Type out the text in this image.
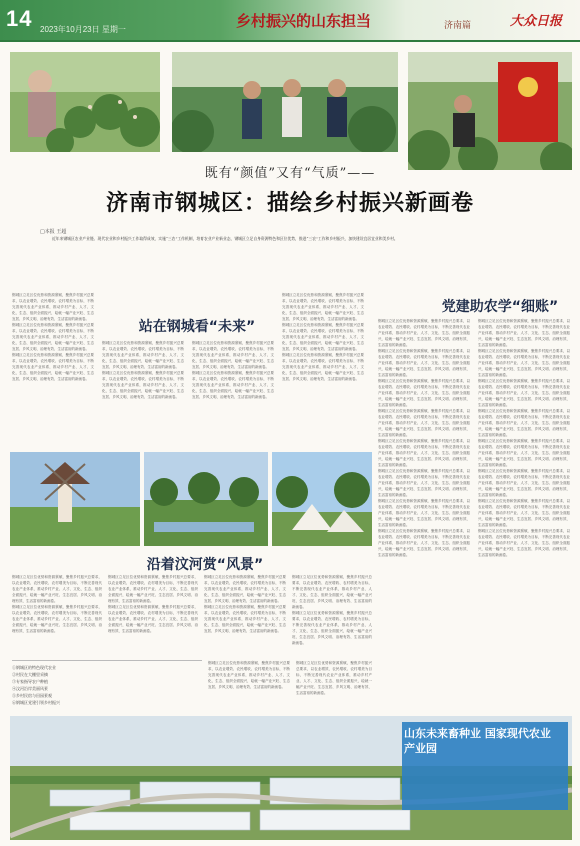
14 2023年10月23日 星期一	乡村振兴的山东担当	济南篇	大众日报
既有“颜值”又有“气质”——
济南市钢城区：描绘乡村振兴新画卷
□本报 王超
近年来钢城区农业产业链、现代农业和乡村振兴工作取得成效，实施“三农”工作机制，培育农业产业新业态，钢城区立足自身资源特色和区位优势，推进“三农”工作和乡村振兴，加快建设宜居宜业和美乡村。

钢城区立足区位优势和资源禀赋，聚焦乡村振兴总要求，以农业增效、农民增收、农村增美为目标，不断完善现代农业产业体系，推动乡村产业、人才、文化、生态、组织全面振兴，绘就一幅产业兴旺、生态宜居、乡风文明、治理有效、生活富裕的新画卷。

钢城区立足区位优势和资源禀赋，聚焦乡村振兴总要求，以农业增效、农民增收、农村增美为目标，不断完善现代农业产业体系，推动乡村产业、人才、文化、生态、组织全面振兴，绘就一幅产业兴旺、生态宜居、乡风文明、治理有效、生活富裕的新画卷。

钢城区立足区位优势和资源禀赋，聚焦乡村振兴总要求，以农业增效、农民增收、农村增美为目标，不断完善现代农业产业体系，推动乡村产业、人才、文化、生态、组织全面振兴，绘就一幅产业兴旺、生态宜居、乡风文明、治理有效、生活富裕的新画卷。

站在钢城看“未来”

钢城区立足区位优势和资源禀赋，聚焦乡村振兴总要求，以农业增效、农民增收、农村增美为目标，不断完善现代农业产业体系，推动乡村产业、人才、文化、生态、组织全面振兴，绘就一幅产业兴旺、生态宜居、乡风文明、治理有效、生活富裕的新画卷。

钢城区立足区位优势和资源禀赋，聚焦乡村振兴总要求，以农业增效、农民增收、农村增美为目标，不断完善现代农业产业体系，推动乡村产业、人才、文化、生态、组织全面振兴，绘就一幅产业兴旺、生态宜居、乡风文明、治理有效、生活富裕的新画卷。

钢城区立足区位优势和资源禀赋，聚焦乡村振兴总要求，以农业增效、农民增收、农村增美为目标，不断完善现代农业产业体系，推动乡村产业、人才、文化、生态、组织全面振兴，绘就一幅产业兴旺、生态宜居、乡风文明、治理有效、生活富裕的新画卷。

钢城区立足区位优势和资源禀赋，聚焦乡村振兴总要求，以农业增效、农民增收、农村增美为目标，不断完善现代农业产业体系，推动乡村产业、人才、文化、生态、组织全面振兴，绘就一幅产业兴旺、生态宜居、乡风文明、治理有效、生活富裕的新画卷。

钢城区立足区位优势和资源禀赋，聚焦乡村振兴总要求，以农业增效、农民增收、农村增美为目标，不断完善现代农业产业体系，推动乡村产业、人才、文化、生态、组织全面振兴，绘就一幅产业兴旺、生态宜居、乡风文明、治理有效、生活富裕的新画卷。

钢城区立足区位优势和资源禀赋，聚焦乡村振兴总要求，以农业增效、农民增收、农村增美为目标，不断完善现代农业产业体系，推动乡村产业、人才、文化、生态、组织全面振兴，绘就一幅产业兴旺、生态宜居、乡风文明、治理有效、生活富裕的新画卷。

钢城区立足区位优势和资源禀赋，聚焦乡村振兴总要求，以农业增效、农民增收、农村增美为目标，不断完善现代农业产业体系，推动乡村产业、人才、文化、生态、组织全面振兴，绘就一幅产业兴旺、生态宜居、乡风文明、治理有效、生活富裕的新画卷。

党建助农学“细账”

钢城区立足区位优势和资源禀赋，聚焦乡村振兴总要求，以农业增效、农民增收、农村增美为目标，不断完善现代农业产业体系，推动乡村产业、人才、文化、生态、组织全面振兴，绘就一幅产业兴旺、生态宜居、乡风文明、治理有效、生活富裕的新画卷。

钢城区立足区位优势和资源禀赋，聚焦乡村振兴总要求，以农业增效、农民增收、农村增美为目标，不断完善现代农业产业体系，推动乡村产业、人才、文化、生态、组织全面振兴，绘就一幅产业兴旺、生态宜居、乡风文明、治理有效、生活富裕的新画卷。

钢城区立足区位优势和资源禀赋，聚焦乡村振兴总要求，以农业增效、农民增收、农村增美为目标，不断完善现代农业产业体系，推动乡村产业、人才、文化、生态、组织全面振兴，绘就一幅产业兴旺、生态宜居、乡风文明、治理有效、生活富裕的新画卷。

钢城区立足区位优势和资源禀赋，聚焦乡村振兴总要求，以农业增效、农民增收、农村增美为目标，不断完善现代农业产业体系，推动乡村产业、人才、文化、生态、组织全面振兴，绘就一幅产业兴旺、生态宜居、乡风文明、治理有效、生活富裕的新画卷。

钢城区立足区位优势和资源禀赋，聚焦乡村振兴总要求，以农业增效、农民增收、农村增美为目标，不断完善现代农业产业体系，推动乡村产业、人才、文化、生态、组织全面振兴，绘就一幅产业兴旺、生态宜居、乡风文明、治理有效、生活富裕的新画卷。

钢城区立足区位优势和资源禀赋，聚焦乡村振兴总要求，以农业增效、农民增收、农村增美为目标，不断完善现代农业产业体系，推动乡村产业、人才、文化、生态、组织全面振兴，绘就一幅产业兴旺、生态宜居、乡风文明、治理有效、生活富裕的新画卷。

钢城区立足区位优势和资源禀赋，聚焦乡村振兴总要求，以农业增效、农民增收、农村增美为目标，不断完善现代农业产业体系，推动乡村产业、人才、文化、生态、组织全面振兴，绘就一幅产业兴旺、生态宜居、乡风文明、治理有效、生活富裕的新画卷。

钢城区立足区位优势和资源禀赋，聚焦乡村振兴总要求，以农业增效、农民增收、农村增美为目标，不断完善现代农业产业体系，推动乡村产业、人才、文化、生态、组织全面振兴，绘就一幅产业兴旺、生态宜居、乡风文明、治理有效、生活富裕的新画卷。

钢城区立足区位优势和资源禀赋，聚焦乡村振兴总要求，以农业增效、农民增收、农村增美为目标，不断完善现代农业产业体系，推动乡村产业、人才、文化、生态、组织全面振兴，绘就一幅产业兴旺、生态宜居、乡风文明、治理有效、生活富裕的新画卷。

钢城区立足区位优势和资源禀赋，聚焦乡村振兴总要求，以农业增效、农民增收、农村增美为目标，不断完善现代农业产业体系，推动乡村产业、人才、文化、生态、组织全面振兴，绘就一幅产业兴旺、生态宜居、乡风文明、治理有效、生活富裕的新画卷。

钢城区立足区位优势和资源禀赋，聚焦乡村振兴总要求，以农业增效、农民增收、农村增美为目标，不断完善现代农业产业体系，推动乡村产业、人才、文化、生态、组织全面振兴，绘就一幅产业兴旺、生态宜居、乡风文明、治理有效、生活富裕的新画卷。

钢城区立足区位优势和资源禀赋，聚焦乡村振兴总要求，以农业增效、农民增收、农村增美为目标，不断完善现代农业产业体系，推动乡村产业、人才、文化、生态、组织全面振兴，绘就一幅产业兴旺、生态宜居、乡风文明、治理有效、生活富裕的新画卷。

钢城区立足区位优势和资源禀赋，聚焦乡村振兴总要求，以农业增效、农民增收、农村增美为目标，不断完善现代农业产业体系，推动乡村产业、人才、文化、生态、组织全面振兴，绘就一幅产业兴旺、生态宜居、乡风文明、治理有效、生活富裕的新画卷。

钢城区立足区位优势和资源禀赋，聚焦乡村振兴总要求，以农业增效、农民增收、农村增美为目标，不断完善现代农业产业体系，推动乡村产业、人才、文化、生态、组织全面振兴，绘就一幅产业兴旺、生态宜居、乡风文明、治理有效、生活富裕的新画卷。

钢城区立足区位优势和资源禀赋，聚焦乡村振兴总要求，以农业增效、农民增收、农村增美为目标，不断完善现代农业产业体系，推动乡村产业、人才、文化、生态、组织全面振兴，绘就一幅产业兴旺、生态宜居、乡风文明、治理有效、生活富裕的新画卷。

钢城区立足区位优势和资源禀赋，聚焦乡村振兴总要求，以农业增效、农民增收、农村增美为目标，不断完善现代农业产业体系，推动乡村产业、人才、文化、生态、组织全面振兴，绘就一幅产业兴旺、生态宜居、乡风文明、治理有效、生活富裕的新画卷。

沿着汶河赏“风景”

钢城区立足区位优势和资源禀赋，聚焦乡村振兴总要求，以农业增效、农民增收、农村增美为目标，不断完善现代农业产业体系，推动乡村产业、人才、文化、生态、组织全面振兴，绘就一幅产业兴旺、生态宜居、乡风文明、治理有效、生活富裕的新画卷。

钢城区立足区位优势和资源禀赋，聚焦乡村振兴总要求，以农业增效、农民增收、农村增美为目标，不断完善现代农业产业体系，推动乡村产业、人才、文化、生态、组织全面振兴，绘就一幅产业兴旺、生态宜居、乡风文明、治理有效、生活富裕的新画卷。

钢城区立足区位优势和资源禀赋，聚焦乡村振兴总要求，以农业增效、农民增收、农村增美为目标，不断完善现代农业产业体系，推动乡村产业、人才、文化、生态、组织全面振兴，绘就一幅产业兴旺、生态宜居、乡风文明、治理有效、生活富裕的新画卷。

钢城区立足区位优势和资源禀赋，聚焦乡村振兴总要求，以农业增效、农民增收、农村增美为目标，不断完善现代农业产业体系，推动乡村产业、人才、文化、生态、组织全面振兴，绘就一幅产业兴旺、生态宜居、乡风文明、治理有效、生活富裕的新画卷。

钢城区立足区位优势和资源禀赋，聚焦乡村振兴总要求，以农业增效、农民增收、农村增美为目标，不断完善现代农业产业体系，推动乡村产业、人才、文化、生态、组织全面振兴，绘就一幅产业兴旺、生态宜居、乡风文明、治理有效、生活富裕的新画卷。

钢城区立足区位优势和资源禀赋，聚焦乡村振兴总要求，以农业增效、农民增收、农村增美为目标，不断完善现代农业产业体系，推动乡村产业、人才、文化、生态、组织全面振兴，绘就一幅产业兴旺、生态宜居、乡风文明、治理有效、生活富裕的新画卷。

钢城区立足区位优势和资源禀赋，聚焦乡村振兴总要求，以农业增效、农民增收、农村增美为目标，不断完善现代农业产业体系，推动乡村产业、人才、文化、生态、组织全面振兴，绘就一幅产业兴旺、生态宜居、乡风文明、治理有效、生活富裕的新画卷。

钢城区立足区位优势和资源禀赋，聚焦乡村振兴总要求，以农业增效、农民增收、农村增美为目标，不断完善现代农业产业体系，推动乡村产业、人才、文化、生态、组织全面振兴，绘就一幅产业兴旺、生态宜居、乡风文明、治理有效、生活富裕的新画卷。

①钢城区的特色现代农业
②村民在大棚里采摘
③专家指导农户种植
④汶河沿岸美丽风景
⑤乡村民宿与田园景观
⑥钢城区党建引领乡村振兴

钢城区立足区位优势和资源禀赋，聚焦乡村振兴总要求，以农业增效、农民增收、农村增美为目标，不断完善现代农业产业体系，推动乡村产业、人才、文化、生态、组织全面振兴，绘就一幅产业兴旺、生态宜居、乡风文明、治理有效、生活富裕的新画卷。

钢城区立足区位优势和资源禀赋，聚焦乡村振兴总要求，以农业增效、农民增收、农村增美为目标，不断完善现代农业产业体系，推动乡村产业、人才、文化、生态、组织全面振兴，绘就一幅产业兴旺、生态宜居、乡风文明、治理有效、生活富裕的新画卷。

山东未来畜种业 国家现代农业产业园
